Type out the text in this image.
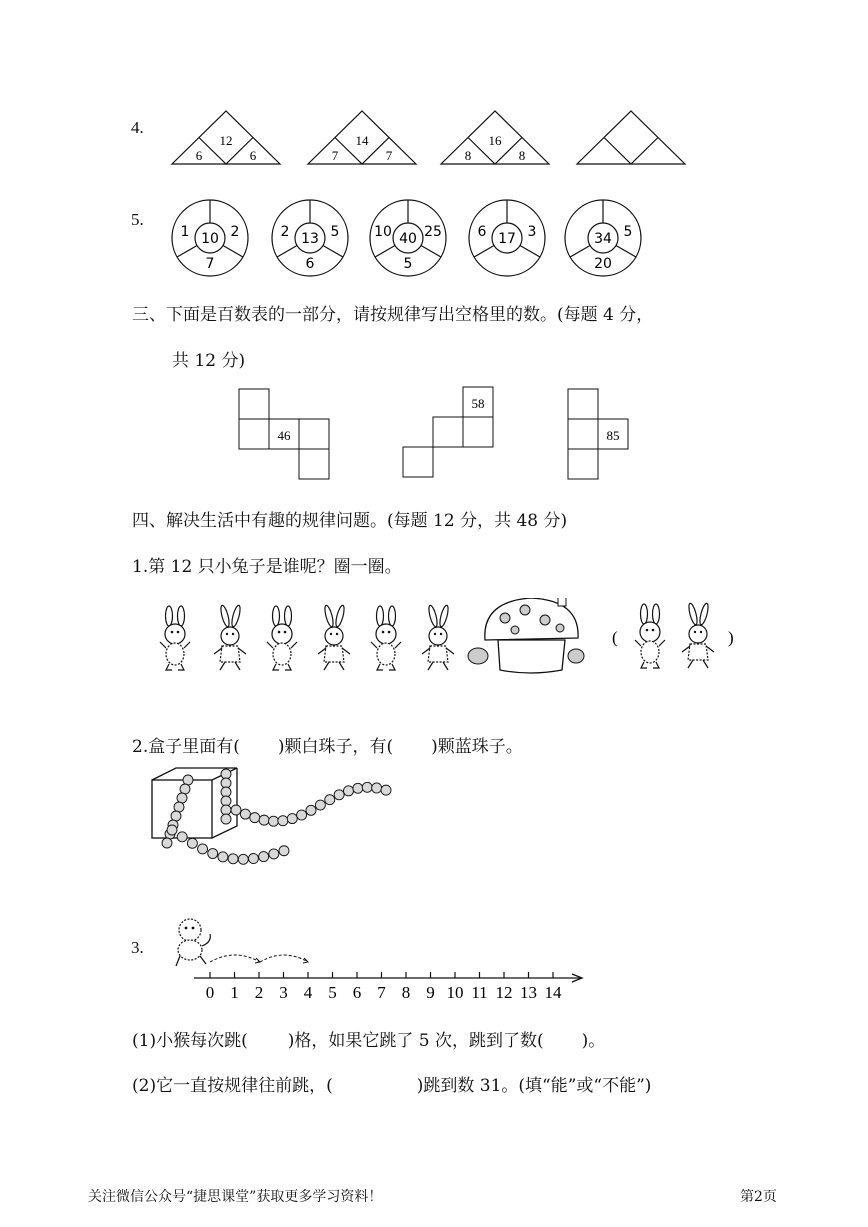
4.
12
6	6
14
7	7
16
8	8
5.
10
1	2
7
13
2	5
6
40
10 25
5
17
6	3	34 5
20
三、下面是百数表的一部分，请按规律写出空格里的数。(每题 4 分，
共 12 分)
46
58
85
四、解决生活中有趣的规律问题。(每题 12 分，共 48 分)
1.第 12 只小兔子是谁呢？圈一圈。
(	)
2.盒子里面有( )颗白珠子，有( )颗蓝珠子。
3.
0 1 2 3 4 5 6 7 8 9 10 11 12 13 14
(1)小猴每次跳( )格，如果它跳了 5 次，跳到了数( )。
(2)它一直按规律往前跳，(	)跳到数 31。(填“能”或“不能”)
关注微信公众号“捷思课堂”获取更多学习资料！	第2页
